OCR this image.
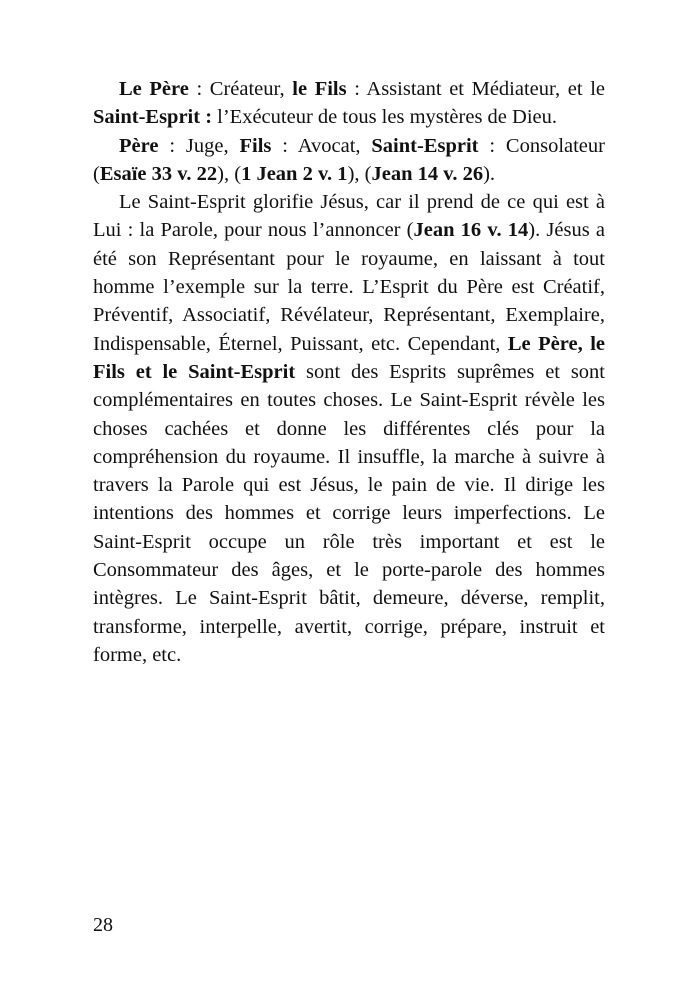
Le Père : Créateur, le Fils : Assistant et Médiateur, et le Saint-Esprit : l’Exécuteur de tous les mystères de Dieu.

Père : Juge, Fils : Avocat, Saint-Esprit : Consolateur (Esaïe 33 v. 22), (1 Jean 2 v. 1), (Jean 14 v. 26).

Le Saint-Esprit glorifie Jésus, car il prend de ce qui est à Lui : la Parole, pour nous l’annoncer (Jean 16 v. 14). Jésus a été son Représentant pour le royaume, en laissant à tout homme l’exemple sur la terre. L’Esprit du Père est Créatif, Préventif, Associatif, Révélateur, Représentant, Exemplaire, Indispensable, Éternel, Puissant, etc. Cependant, Le Père, le Fils et le Saint-Esprit sont des Esprits suprêmes et sont complémentaires en toutes choses. Le Saint-Esprit révèle les choses cachées et donne les différentes clés pour la compréhension du royaume. Il insuffle, la marche à suivre à travers la Parole qui est Jésus, le pain de vie. Il dirige les intentions des hommes et corrige leurs imperfections. Le Saint-Esprit occupe un rôle très important et est le Consommateur des âges, et le porte-parole des hommes intègres. Le Saint-Esprit bâtit, demeure, déverse, remplit, transforme, interpelle, avertit, corrige, prépare, instruit et forme, etc.

28
